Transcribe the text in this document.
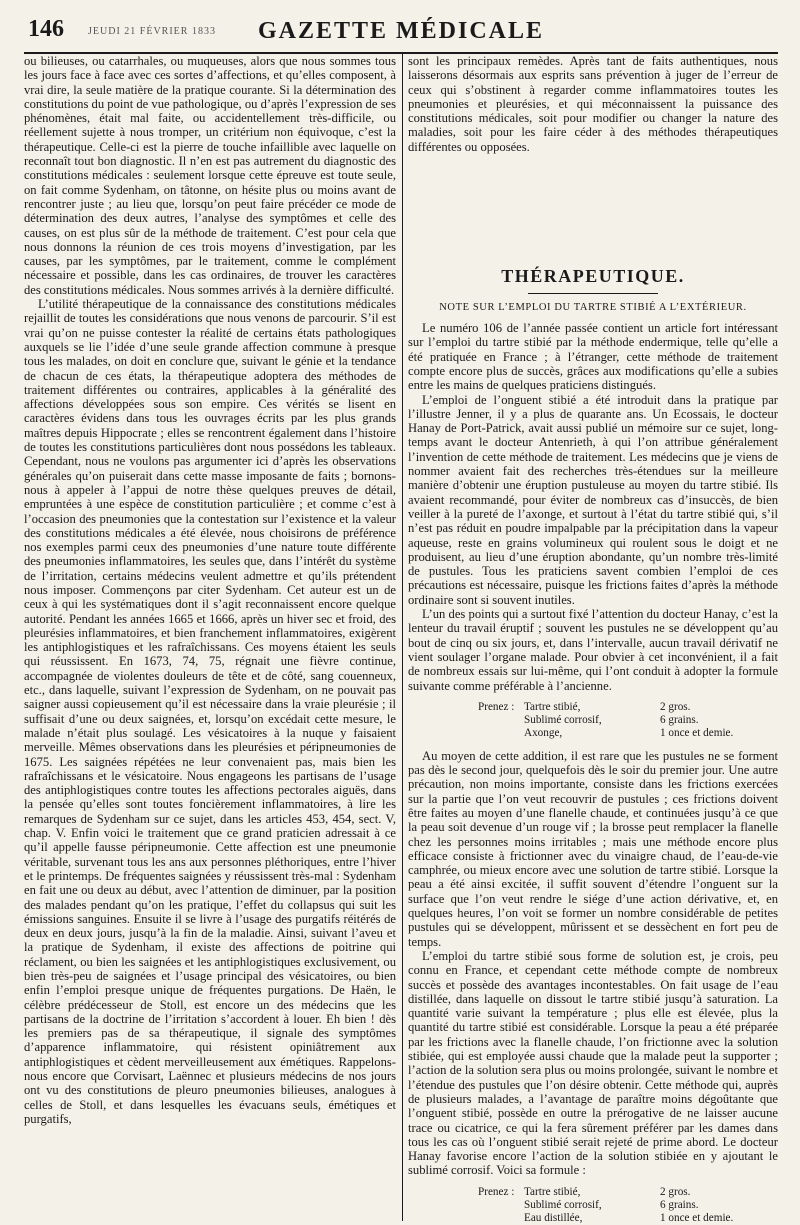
146 JEUDI 21 FÉVRIER 1833	GAZETTE MÉDICALE

ou bilieuses, ou catarrhales, ou muqueuses, alors que nous sommes tous les jours face à face avec ces sortes d’affections, et qu’elles composent, à vrai dire, la seule matière de la pratique courante. Si la détermination des constitutions du point de vue pathologique, ou d’après l’expression de ses phénomènes, était mal faite, ou accidentellement très-difficile, ou réellement sujette à nous tromper, un critérium non équivoque, c’est la thérapeutique. Celle-ci est la pierre de touche infaillible avec laquelle on reconnaît tout bon diagnostic. Il n’en est pas autrement du diagnostic des constitutions médicales : seulement lorsque cette épreuve est toute seule, on fait comme Sydenham, on tâtonne, on hésite plus ou moins avant de rencontrer juste ; au lieu que, lorsqu’on peut faire précéder ce mode de détermination des deux autres, l’analyse des symptômes et celle des causes, on est plus sûr de la méthode de traitement. C’est pour cela que nous donnons la réunion de ces trois moyens d’investigation, par les causes, par les symptômes, par le traitement, comme le complément nécessaire et possible, dans les cas ordinaires, de trouver les caractères des constitutions médicales. Nous sommes arrivés à la dernière difficulté.

L’utilité thérapeutique de la connaissance des constitutions médicales rejaillit de toutes les considérations que nous venons de parcourir. S’il est vrai qu’on ne puisse contester la réalité de certains états pathologiques auxquels se lie l’idée d’une seule grande affection commune à presque tous les malades, on doit en conclure que, suivant le génie et la tendance de chacun de ces états, la thérapeutique adoptera des méthodes de traitement différentes ou contraires, applicables à la généralité des affections développées sous son empire. Ces vérités se lisent en caractères évidens dans tous les ouvrages écrits par les plus grands maîtres depuis Hippocrate ; elles se rencontrent également dans l’histoire de toutes les constitutions particulières dont nous possédons les tableaux. Cependant, nous ne voulons pas argumenter ici d’après les observations générales qu’on puiserait dans cette masse imposante de faits ; bornons-nous à appeler à l’appui de notre thèse quelques preuves de détail, empruntées à une espèce de constitution particulière ; et comme c’est à l’occasion des pneumonies que la contestation sur l’existence et la valeur des constitutions médicales a été élevée, nous choisirons de préférence nos exemples parmi ceux des pneumonies d’une nature toute différente des pneumonies inflammatoires, les seules que, dans l’intérêt du système de l’irritation, certains médecins veulent admettre et qu’ils prétendent nous imposer. Commençons par citer Sydenham. Cet auteur est un de ceux à qui les systématiques dont il s’agit reconnaissent encore quelque autorité. Pendant les années 1665 et 1666, après un hiver sec et froid, des pleurésies inflammatoires, et bien franchement inflammatoires, exigèrent les antiphlogistiques et les rafraîchissans. Ces moyens étaient les seuls qui réussissent. En 1673, 74, 75, régnait une fièvre continue, accompagnée de violentes douleurs de tête et de côté, sang couenneux, etc., dans laquelle, suivant l’expression de Sydenham, on ne pouvait pas saigner aussi copieusement qu’il est nécessaire dans la vraie pleurésie ; il suffisait d’une ou deux saignées, et, lorsqu’on excédait cette mesure, le malade n’était plus soulagé. Les vésicatoires à la nuque y faisaient merveille. Mêmes observations dans les pleurésies et péripneumonies de 1675. Les saignées répétées ne leur convenaient pas, mais bien les rafraîchissans et le vésicatoire. Nous engageons les partisans de l’usage des antiphlogistiques contre toutes les affections pectorales aiguës, dans la pensée qu’elles sont toutes foncièrement inflammatoires, à lire les remarques de Sydenham sur ce sujet, dans les articles 453, 454, sect. V, chap. V. Enfin voici le traitement que ce grand praticien adressait à ce qu’il appelle fausse péripneumonie. Cette affection est une pneumonie véritable, survenant tous les ans aux personnes pléthoriques, entre l’hiver et le printemps. De fréquentes saignées y réussissent très-mal : Sydenham en fait une ou deux au début, avec l’attention de diminuer, par la position des malades pendant qu’on les pratique, l’effet du collapsus qui suit les émissions sanguines. Ensuite il se livre à l’usage des purgatifs réitérés de deux en deux jours, jusqu’à la fin de la maladie. Ainsi, suivant l’aveu et la pratique de Sydenham, il existe des affections de poitrine qui réclament, ou bien les saignées et les antiphlogistiques exclusivement, ou bien très-peu de saignées et l’usage principal des vésicatoires, ou bien enfin l’emploi presque unique de fréquentes purgations. De Haën, le célèbre prédécesseur de Stoll, est encore un des médecins que les partisans de la doctrine de l’irritation s’accordent à louer. Eh bien ! dès les premiers pas de sa thérapeutique, il signale des symptômes d’apparence inflammatoire, qui résistent opiniâtrement aux antiphlogistiques et cèdent merveilleusement aux émétiques. Rappelons-nous encore que Corvisart, Laënnec et plusieurs médecins de nos jours ont vu des constitutions de pleuro pneumonies bilieuses, analogues à celles de Stoll, et dans lesquelles les évacuans seuls, émétiques et purgatifs,

sont les principaux remèdes. Après tant de faits authentiques, nous laisserons désormais aux esprits sans prévention à juger de l’erreur de ceux qui s’obstinent à regarder comme inflammatoires toutes les pneumonies et pleurésies, et qui méconnaissent la puissance des constitutions médicales, soit pour modifier ou changer la nature des maladies, soit pour les faire céder à des méthodes thérapeutiques différentes ou opposées.

THÉRAPEUTIQUE.
NOTE SUR L’EMPLOI DU TARTRE STIBIÉ A L’EXTÉRIEUR.

Le numéro 106 de l’année passée contient un article fort intéressant sur l’emploi du tartre stibié par la méthode endermique, telle qu’elle a été pratiquée en France ; à l’étranger, cette méthode de traitement compte encore plus de succès, grâces aux modifications qu’elle a subies entre les mains de quelques praticiens distingués.

L’emploi de l’onguent stibié a été introduit dans la pratique par l’illustre Jenner, il y a plus de quarante ans. Un Ecossais, le docteur Hanay de Port-Patrick, avait aussi publié un mémoire sur ce sujet, long-temps avant le docteur Antenrieth, à qui l’on attribue généralement l’invention de cette méthode de traitement. Les médecins que je viens de nommer avaient fait des recherches très-étendues sur la meilleure manière d’obtenir une éruption pustuleuse au moyen du tartre stibié. Ils avaient recommandé, pour éviter de nombreux cas d’insuccès, de bien veiller à la pureté de l’axonge, et surtout à l’état du tartre stibié qui, s’il n’est pas réduit en poudre impalpable par la précipitation dans la vapeur aqueuse, reste en grains volumineux qui roulent sous le doigt et ne produisent, au lieu d’une éruption abondante, qu’un nombre très-limité de pustules. Tous les praticiens savent combien l’emploi de ces précautions est nécessaire, puisque les frictions faites d’après la méthode ordinaire sont si souvent inutiles.

L’un des points qui a surtout fixé l’attention du docteur Hanay, c’est la lenteur du travail éruptif ; souvent les pustules ne se développent qu’au bout de cinq ou six jours, et, dans l’intervalle, aucun travail dérivatif ne vient soulager l’organe malade. Pour obvier à cet inconvénient, il a fait de nombreux essais sur lui-même, qui l’ont conduit à adopter la formule suivante comme préférable à l’ancienne.

Prenez : Tartre stibié,	2 gros.
Sublimé corrosif,	6 grains.
Axonge,	1 once et demie.

Au moyen de cette addition, il est rare que les pustules ne se forment pas dès le second jour, quelquefois dès le soir du premier jour. Une autre précaution, non moins importante, consiste dans les frictions exercées sur la partie que l’on veut recouvrir de pustules ; ces frictions doivent être faites au moyen d’une flanelle chaude, et continuées jusqu’à ce que la peau soit devenue d’un rouge vif ; la brosse peut remplacer la flanelle chez les personnes moins irritables ; mais une méthode encore plus efficace consiste à frictionner avec du vinaigre chaud, de l’eau-de-vie camphrée, ou mieux encore avec une solution de tartre stibié. Lorsque la peau a été ainsi excitée, il suffit souvent d’étendre l’onguent sur la surface que l’on veut rendre le siége d’une action dérivative, et, en quelques heures, l’on voit se former un nombre considérable de petites pustules qui se développent, mûrissent et se dessèchent en fort peu de temps.

L’emploi du tartre stibié sous forme de solution est, je crois, peu connu en France, et cependant cette méthode compte de nombreux succès et possède des avantages incontestables. On fait usage de l’eau distillée, dans laquelle on dissout le tartre stibié jusqu’à saturation. La quantité varie suivant la température ; plus elle est élevée, plus la quantité du tartre stibié est considérable. Lorsque la peau a été préparée par les frictions avec la flanelle chaude, l’on frictionne avec la solution stibiée, qui est employée aussi chaude que la malade peut la supporter ; l’action de la solution sera plus ou moins prolongée, suivant le nombre et l’étendue des pustules que l’on désire obtenir. Cette méthode qui, auprès de plusieurs malades, a l’avantage de paraître moins dégoûtante que l’onguent stibié, possède en outre la prérogative de ne laisser aucune trace ou cicatrice, ce qui la fera sûrement préférer par les dames dans tous les cas où l’onguent stibié serait rejeté de prime abord. Le docteur Hanay favorise encore l’action de la solution stibiée en y ajoutant le sublimé corrosif. Voici sa formule :

Prenez : Tartre stibié,	2 gros.
Sublimé corrosif,	6 grains.
Eau distillée,	1 once et demie.
